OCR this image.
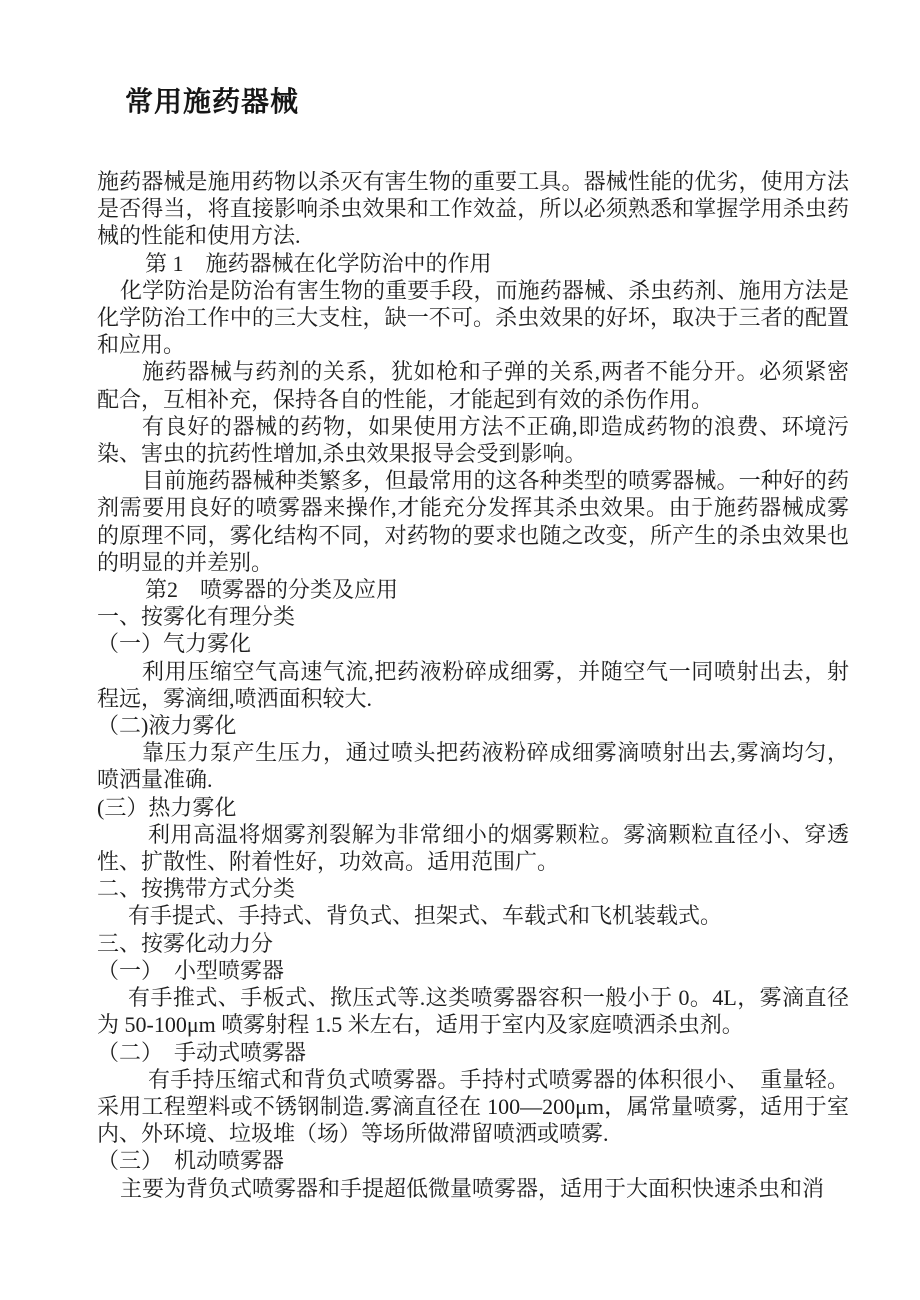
常用施药器械

施药器械是施用药物以杀灭有害生物的重要工具。器械性能的优劣，使用方法是否得当，将直接影响杀虫效果和工作效益，所以必须熟悉和掌握学用杀虫药械的性能和使用方法.

第 1　施药器械在化学防治中的作用

化学防治是防治有害生物的重要手段，而施药器械、杀虫药剂、施用方法是化学防治工作中的三大支柱，缺一不可。杀虫效果的好坏，取决于三者的配置和应用。

施药器械与药剂的关系，犹如枪和子弹的关系,两者不能分开。必须紧密配合，互相补充，保持各自的性能，才能起到有效的杀伤作用。

有良好的器械的药物，如果使用方法不正确,即造成药物的浪费、环境污染、害虫的抗药性增加,杀虫效果报导会受到影响。

目前施药器械种类繁多，但最常用的这各种类型的喷雾器械。一种好的药剂需要用良好的喷雾器来操作,才能充分发挥其杀虫效果。由于施药器械成雾的原理不同，雾化结构不同，对药物的要求也随之改变，所产生的杀虫效果也的明显的并差别。

第2　喷雾器的分类及应用

一、按雾化有理分类

（一）气力雾化

利用压缩空气高速气流,把药液粉碎成细雾，并随空气一同喷射出去，射程远，雾滴细,喷洒面积较大.

（二)液力雾化

靠压力泵产生压力，通过喷头把药液粉碎成细雾滴喷射出去,雾滴均匀，喷洒量准确.

(三）热力雾化

利用高温将烟雾剂裂解为非常细小的烟雾颗粒。雾滴颗粒直径小、穿透性、扩散性、附着性好，功效高。适用范围广。

二、按携带方式分类

有手提式、手持式、背负式、担架式、车载式和飞机装载式。

三、按雾化动力分

（一）　小型喷雾器

有手推式、手板式、揿压式等.这类喷雾器容积一般小于 0。4L，雾滴直径为 50-100μm 喷雾射程 1.5 米左右，适用于室内及家庭喷洒杀虫剂。

（二）　手动式喷雾器

有手持压缩式和背负式喷雾器。手持村式喷雾器的体积很小、　重量轻。采用工程塑料或不锈钢制造.雾滴直径在 100—200μm，属常量喷雾，适用于室内、外环境、垃圾堆（场）等场所做滞留喷洒或喷雾.

（三）　机动喷雾器

主要为背负式喷雾器和手提超低微量喷雾器，适用于大面积快速杀虫和消
